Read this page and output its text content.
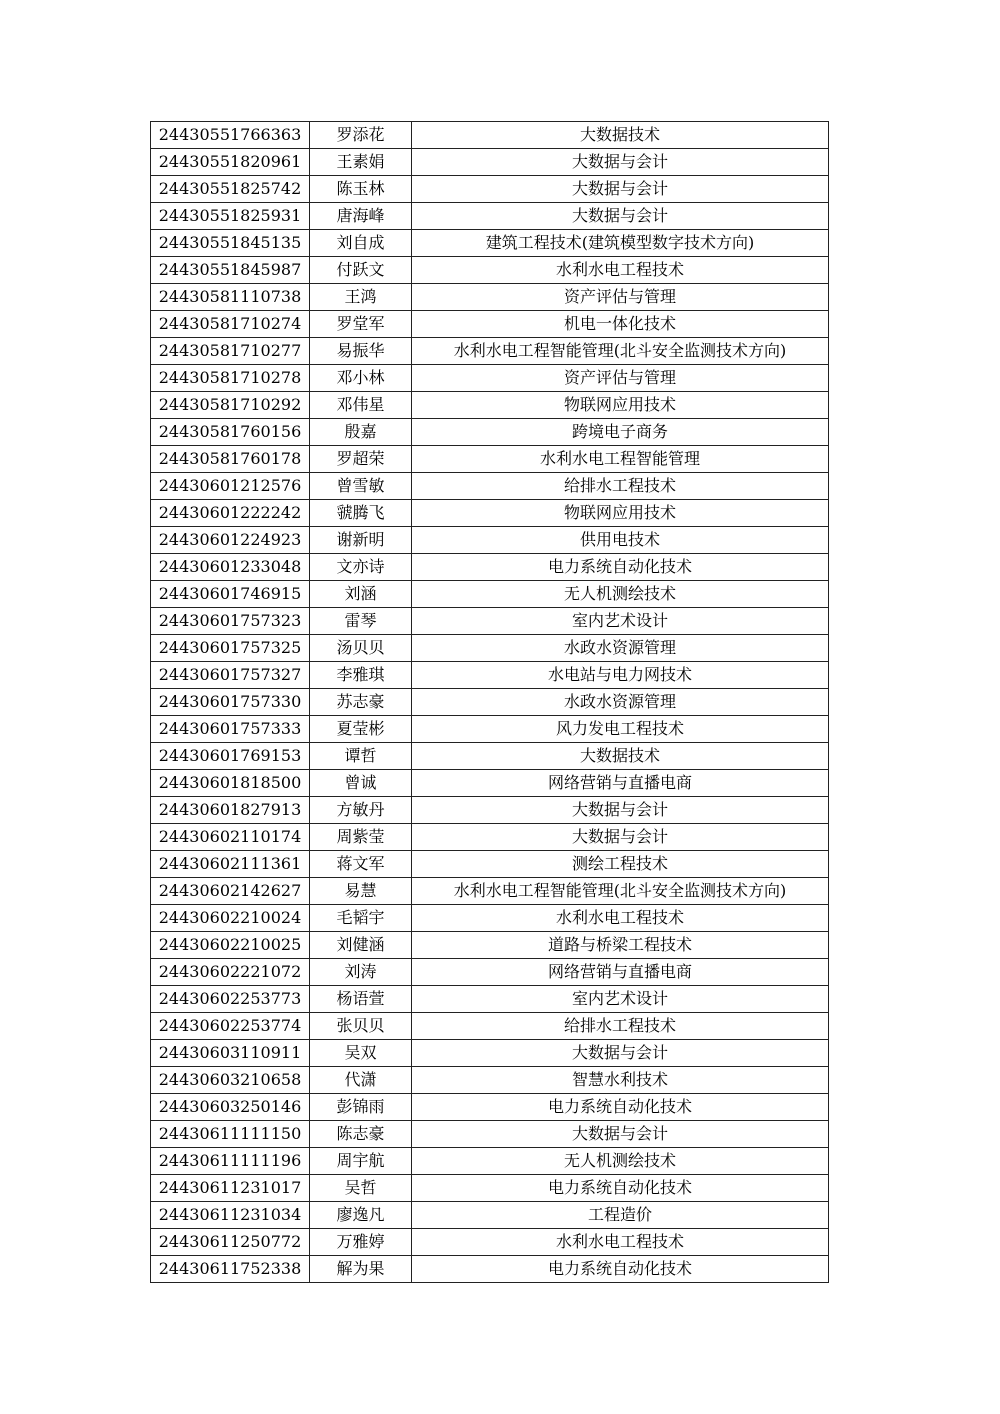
24430551766363	罗添花	大数据技术
24430551820961	王素娟	大数据与会计
24430551825742	陈玉林	大数据与会计
24430551825931	唐海峰	大数据与会计
24430551845135	刘自成	建筑工程技术(建筑模型数字技术方向)
24430551845987	付跃文	水利水电工程技术
24430581110738	王鸿	资产评估与管理
24430581710274	罗堂军	机电一体化技术
24430581710277	易振华	水利水电工程智能管理(北斗安全监测技术方向)
24430581710278	邓小林	资产评估与管理
24430581710292	邓伟星	物联网应用技术
24430581760156	殷嘉	跨境电子商务
24430581760178	罗超荣	水利水电工程智能管理
24430601212576	曾雪敏	给排水工程技术
24430601222242	虢腾飞	物联网应用技术
24430601224923	谢新明	供用电技术
24430601233048	文亦诗	电力系统自动化技术
24430601746915	刘涵	无人机测绘技术
24430601757323	雷琴	室内艺术设计
24430601757325	汤贝贝	水政水资源管理
24430601757327	李雅琪	水电站与电力网技术
24430601757330	苏志豪	水政水资源管理
24430601757333	夏莹彬	风力发电工程技术
24430601769153	谭哲	大数据技术
24430601818500	曾诚	网络营销与直播电商
24430601827913	方敏丹	大数据与会计
24430602110174	周紫莹	大数据与会计
24430602111361	蒋文军	测绘工程技术
24430602142627	易慧	水利水电工程智能管理(北斗安全监测技术方向)
24430602210024	毛韬宇	水利水电工程技术
24430602210025	刘健涵	道路与桥梁工程技术
24430602221072	刘涛	网络营销与直播电商
24430602253773	杨语萱	室内艺术设计
24430602253774	张贝贝	给排水工程技术
24430603110911	吴双	大数据与会计
24430603210658	代潇	智慧水利技术
24430603250146	彭锦雨	电力系统自动化技术
24430611111150	陈志豪	大数据与会计
24430611111196	周宇航	无人机测绘技术
24430611231017	吴哲	电力系统自动化技术
24430611231034	廖逸凡	工程造价
24430611250772	万雅婷	水利水电工程技术
24430611752338	解为果	电力系统自动化技术
